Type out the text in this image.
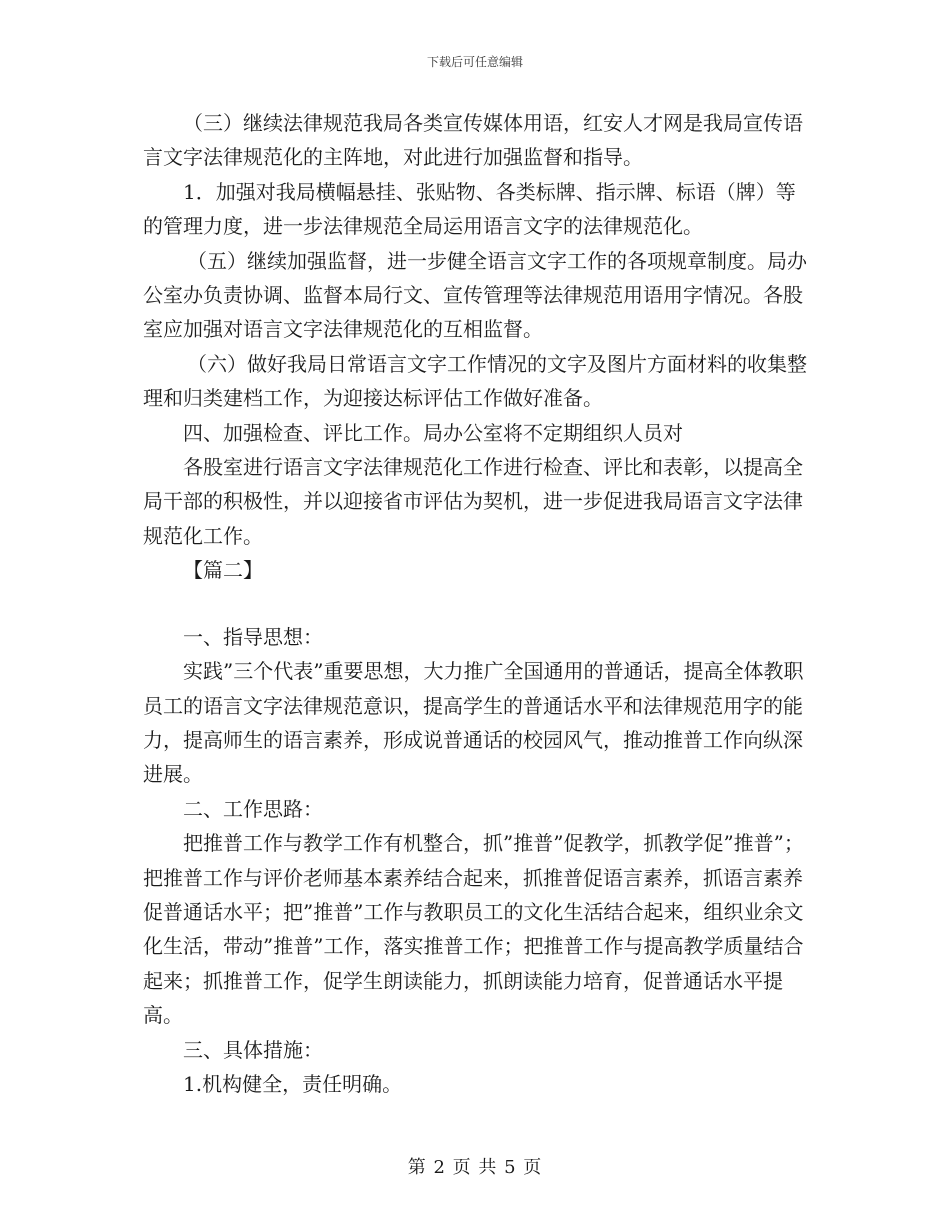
下载后可任意编辑

（三）继续法律规范我局各类宣传媒体用语，红安人才网是我局宣传语言文字法律规范化的主阵地，对此进行加强监督和指导。

1．加强对我局横幅悬挂、张贴物、各类标牌、指示牌、标语（牌）等的管理力度，进一步法律规范全局运用语言文字的法律规范化。

（五）继续加强监督，进一步健全语言文字工作的各项规章制度。局办公室办负责协调、监督本局行文、宣传管理等法律规范用语用字情况。各股室应加强对语言文字法律规范化的互相监督。

（六）做好我局日常语言文字工作情况的文字及图片方面材料的收集整理和归类建档工作，为迎接达标评估工作做好准备。

四、加强检查、评比工作。局办公室将不定期组织人员对

各股室进行语言文字法律规范化工作进行检查、评比和表彰，以提高全局干部的积极性，并以迎接省市评估为契机，进一步促进我局语言文字法律规范化工作。

【篇二】

一、指导思想：

实践”三个代表”重要思想，大力推广全国通用的普通话，提高全体教职员工的语言文字法律规范意识，提高学生的普通话水平和法律规范用字的能力，提高师生的语言素养，形成说普通话的校园风气，推动推普工作向纵深进展。

二、工作思路：

把推普工作与教学工作有机整合，抓”推普”促教学，抓教学促”推普”；把推普工作与评价老师基本素养结合起来，抓推普促语言素养，抓语言素养促普通话水平；把”推普”工作与教职员工的文化生活结合起来，组织业余文化生活，带动”推普”工作，落实推普工作；把推普工作与提高教学质量结合起来；抓推普工作，促学生朗读能力，抓朗读能力培育，促普通话水平提高。

三、具体措施：

1.机构健全，责任明确。

第 2 页 共 5 页
